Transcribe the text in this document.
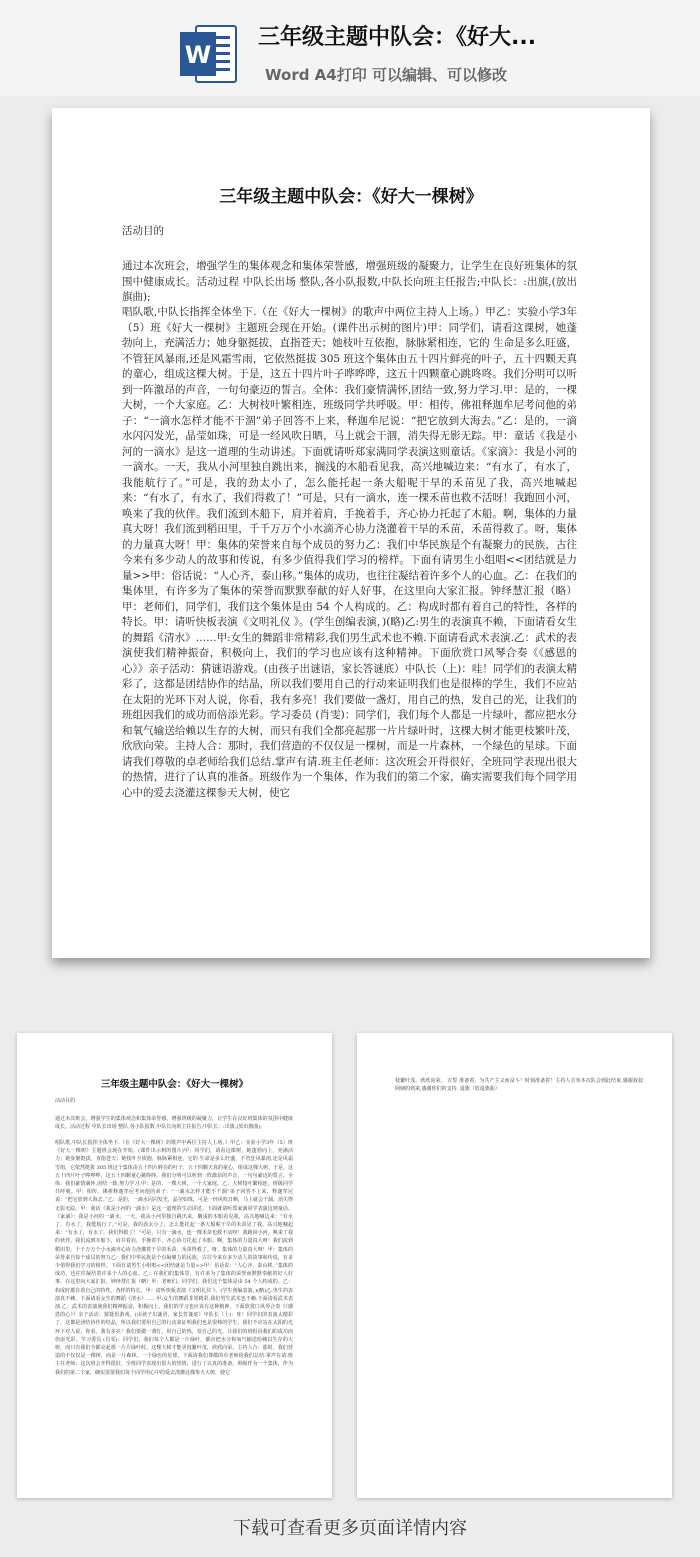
W
三年级主题中队会：《好大...
Word A4打印 可以编辑、可以修改
三年级主题中队会：《好大一棵树》
活动目的
通过本次班会，增强学生的集体观念和集体荣誉感，增强班级的凝聚力，让学生在良好班集体的氛围中健康成长。活动过程 中队长出场 整队,各小队报数,中队长向班主任报告;中队长：:出旗,(放出旗曲);
唱队歌,中队长指挥全体坐下.（在《好大一棵树》的歌声中两位主持人上场。）甲乙：实验小学3年（5）班《好大一棵树》主题班会现在开始。(课件出示树的图片)甲：同学们，请看这课树，她蓬勃向上，充满活力；她身躯挺拔，直指苍天；她枝叶互依抱，脉脉紧相连，它的 生命是多么旺盛，不管狂风暴雨,还是风霜雪雨，它依然挺拔 305 班这个集体由五十四片鲜亮的叶子，五十四颗天真的童心，组成这棵大树。于是，这五十四片叶子哗哗哗，这五十四颗童心跳咚咚。我们分明可以听到一阵激昂的声音，一句句豪迈的誓言。全体：我们豪情满怀,团结一致,努力学习.甲：是的，一棵大树，一个大家庭。乙：大树枝叶繁相连，班级同学共呼吸。甲：相传，佛祖释迦牟尼考问他的弟子：“一滴水怎样才能不干涸”弟子回答不上来，释迦牟尼说：“把它放到大海去。”乙：是的，一滴水闪闪发光，晶莹如珠，可是一经风吹日晒，马上就会干涸，消失得无影无踪。甲：童话《我是小河的一滴水》是这一道理的生动讲述。下面就请听郑家满同学表演这则童话。《家滴》：我是小河的一滴水。一天，我从小河里独自跳出来，搁浅的木船看见我，高兴地喊边来：“有水了，有水了，我能航行了。”可是，我的劲太小了，怎么能托起一条大船呢干旱的禾苗见了我，高兴地喊起来：“有水了，有水了，我们得救了！”可是，只有一滴水，连一棵禾苗也救不活呀！我跑回小河，唤来了我的伙伴。我们流到木船下，肩并着肩，手挽着手，齐心协力托起了木船。啊，集体的力量真大呀！我们流到稻田里，千千万万个小水滴齐心协力浇灌着干旱的禾苗，禾苗得救了。呀，集体的力量真大呀！甲：集体的荣誉来自每个成员的努力乙：我们中华民族是个有凝聚力的民族，古往今来有多少动人的故事和传说，有多少值得我们学习的榜样。下面有请男生小组唱<<团结就是力量>>甲：俗话说：“人心齐，泰山移。”集体的成功，也往往凝结着许多个人的心血。乙：在我们的集体里，有许多为了集体的荣誉而默默奉献的好人好事，在这里向大家汇报。钟绎慧汇报（略）甲：老师们，同学们，我们这个集体是由 54 个人构成的。乙：构成时都有着自己的特性，各样的特长。甲：请听快板表演《文明礼仪 》。(学生创编表演，)(略)乙:男生的表演真不赖，下面请看女生的舞蹈《清水》……甲:女生的舞蹈非常精彩,我们男生武术也不赖.下面请看武术表演.乙：武术的表演使我们精神振奋，积极向上，我们的学习也应该有这种精神。下面欣赏口风琴合奏《《感恩的心》》亲子活动：猜谜语游戏。(由孩子出谜语，家长答谜底）中队长（上)：哇！同学们的表演太精彩了，这都是团结协作的结晶，所以我们要用自己的行动来证明我们也是很棒的学生，我们不应站在太阳的光环下对人说，你看，我有多亮！我们要做一盏灯，用自己的热，发自己的光，让我们的班组因我们的成功而倍添光彩。学习委员 (肖雯)：同学们，我们每个人都是一片绿叶，都应把水分和氧气输送给赖以生存的大树，而只有我们全都亮起那一片片绿叶时，这棵大树才能更枝繁叶茂，欣欣向荣。主持人合：那时，我们营造的不仅仅是一棵树，而是一片森林，一个绿色的星球。下面请我们尊敬的卓老师给我们总结.掌声有请.班主任老师：这次班会开得很好，全班同学表现出很大的热情，进行了认真的准备。班级作为一个集体，作为我们的第二个家，确实需要我们每个同学用心中的爱去浇灌这棵参天大树，使它
三年级主题中队会：《好大一棵树》
活动目的
通过本次班会，增强学生的集体观念和集体荣誉感，增强班级的凝聚力，让学生在良好班集体的氛围中健康成长。活动过程 中队长出场 整队,各小队报数,中队长向班主任报告;中队长：:出旗,(放出旗曲);
唱队歌,中队长指挥全体坐下.（在《好大一棵树》的歌声中两位主持人上场。）甲乙：实验小学3年（5）班《好大一棵树》主题班会现在开始。(课件出示树的图片)甲：同学们，请看这课树，她蓬勃向上，充满活力；她身躯挺拔，直指苍天；她枝叶互依抱，脉脉紧相连，它的 生命是多么旺盛，不管狂风暴雨,还是风霜雪雨，它依然挺拔 305 班这个集体由五十四片鲜亮的叶子，五十四颗天真的童心，组成这棵大树。于是，这五十四片叶子哗哗哗，这五十四颗童心跳咚咚。我们分明可以听到一阵激昂的声音，一句句豪迈的誓言。全体：我们豪情满怀,团结一致,努力学习.甲：是的，一棵大树，一个大家庭。乙：大树枝叶繁相连，班级同学共呼吸。甲：相传，佛祖释迦牟尼考问他的弟子：“一滴水怎样才能不干涸”弟子回答不上来，释迦牟尼说：“把它放到大海去。”乙：是的，一滴水闪闪发光，晶莹如珠，可是一经风吹日晒，马上就会干涸，消失得无影无踪。甲：童话《我是小河的一滴水》是这一道理的生动讲述。下面就请听郑家满同学表演这则童话。《家滴》：我是小河的一滴水。一天，我从小河里独自跳出来，搁浅的木船看见我，高兴地喊边来：“有水了，有水了，我能航行了。”可是，我的劲太小了，怎么能托起一条大船呢干旱的禾苗见了我，高兴地喊起来：“有水了，有水了，我们得救了！”可是，只有一滴水，连一棵禾苗也救不活呀！我跑回小河，唤来了我的伙伴。我们流到木船下，肩并着肩，手挽着手，齐心协力托起了木船。啊，集体的力量真大呀！我们流到稻田里，千千万万个小水滴齐心协力浇灌着干旱的禾苗，禾苗得救了。呀，集体的力量真大呀！甲：集体的荣誉来自每个成员的努力乙：我们中华民族是个有凝聚力的民族，古往今来有多少动人的故事和传说，有多少值得我们学习的榜样。下面有请男生小组唱<<团结就是力量>>甲：俗话说：“人心齐，泰山移。”集体的成功，也往往凝结着许多个人的心血。乙：在我们的集体里，有许多为了集体的荣誉而默默奉献的好人好事，在这里向大家汇报。钟绎慧汇报（略）甲：老师们，同学们，我们这个集体是由 54 个人构成的。乙：构成时都有着自己的特性，各样的特长。甲：请听快板表演《文明礼仪 》。(学生创编表演，)(略)乙:男生的表演真不赖，下面请看女生的舞蹈《清水》……甲:女生的舞蹈非常精彩,我们男生武术也不赖.下面请看武术表演.乙：武术的表演使我们精神振奋，积极向上，我们的学习也应该有这种精神。下面欣赏口风琴合奏《《感恩的心》》亲子活动：猜谜语游戏。(由孩子出谜语，家长答谜底）中队长（上)：哇！同学们的表演太精彩了，这都是团结协作的结晶，所以我们要用自己的行动来证明我们也是很棒的学生，我们不应站在太阳的光环下对人说，你看，我有多亮！我们要做一盏灯，用自己的热，发自己的光，让我们的班组因我们的成功而倍添光彩。学习委员 (肖雯)：同学们，我们每个人都是一片绿叶，都应把水分和氧气输送给赖以生存的大树，而只有我们全都亮起那一片片绿叶时，这棵大树才能更枝繁叶茂，欣欣向荣。主持人合：那时，我们营造的不仅仅是一棵树，而是一片森林，一个绿色的星球。下面请我们尊敬的卓老师给我们总结.掌声有请.班主任老师：这次班会开得很好，全班同学表现出很大的热情，进行了认真的准备。班级作为一个集体，作为我们的第二个家，确实需要我们每个同学用心中的爱去浇灌这棵参天大树，使它
枝繁叶茂，欣欣向荣。 宣誓 准备着，为共产主义而奋斗！时刻准备着！主持人宣布本次队会到此结束,感谢叔叔阿姨的到来,感谢你们的支持. 退旗（放退旗曲）
下载可查看更多页面详情内容
